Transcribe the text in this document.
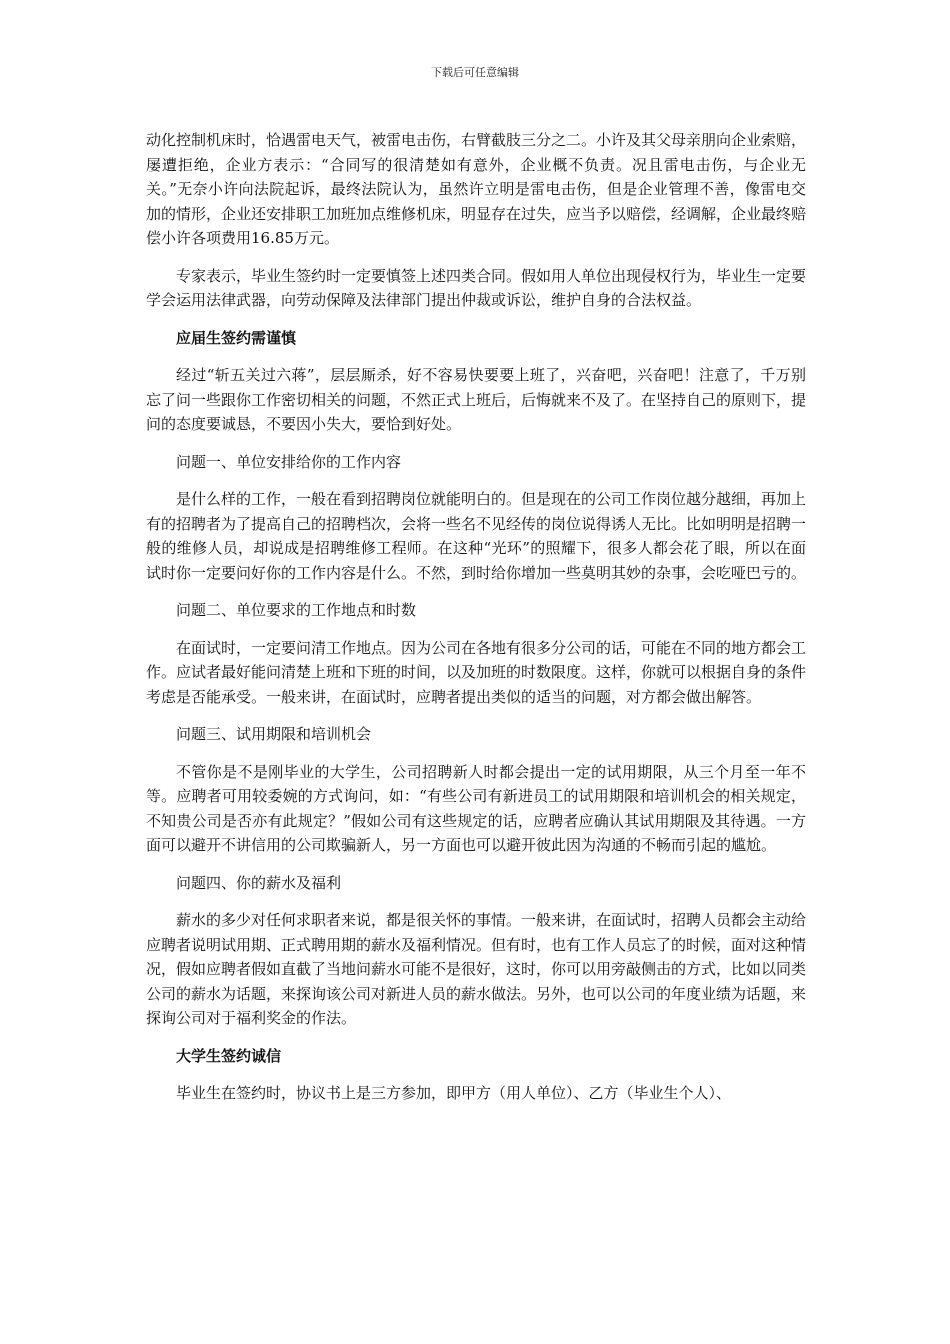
下载后可任意编辑

动化控制机床时，恰遇雷电天气，被雷电击伤，右臂截肢三分之二。小许及其父母亲朋向企业索赔，屡遭拒绝，企业方表示：“合同写的很清楚如有意外，企业概不负责。况且雷电击伤，与企业无关。”无奈小许向法院起诉，最终法院认为，虽然许立明是雷电击伤，但是企业管理不善，像雷电交加的情形，企业还安排职工加班加点维修机床，明显存在过失，应当予以赔偿，经调解，企业最终赔偿小许各项费用16.85万元。

专家表示，毕业生签约时一定要慎签上述四类合同。假如用人单位出现侵权行为，毕业生一定要学会运用法律武器，向劳动保障及法律部门提出仲裁或诉讼，维护自身的合法权益。

应届生签约需谨慎

经过“斩五关过六蒋”，层层厮杀，好不容易快要要上班了，兴奋吧，兴奋吧！注意了，千万别忘了问一些跟你工作密切相关的问题，不然正式上班后，后悔就来不及了。在坚持自己的原则下，提问的态度要诚恳，不要因小失大，要恰到好处。

问题一、单位安排给你的工作内容

是什么样的工作，一般在看到招聘岗位就能明白的。但是现在的公司工作岗位越分越细，再加上有的招聘者为了提高自己的招聘档次，会将一些名不见经传的岗位说得诱人无比。比如明明是招聘一般的维修人员，却说成是招聘维修工程师。在这种“光环”的照耀下，很多人都会花了眼，所以在面试时你一定要问好你的工作内容是什么。不然，到时给你增加一些莫明其妙的杂事，会吃哑巴亏的。

问题二、单位要求的工作地点和时数

在面试时，一定要问清工作地点。因为公司在各地有很多分公司的话，可能在不同的地方都会工作。应试者最好能问清楚上班和下班的时间，以及加班的时数限度。这样，你就可以根据自身的条件考虑是否能承受。一般来讲，在面试时，应聘者提出类似的适当的问题，对方都会做出解答。

问题三、试用期限和培训机会

不管你是不是刚毕业的大学生，公司招聘新人时都会提出一定的试用期限，从三个月至一年不等。应聘者可用较委婉的方式询问，如：“有些公司有新进员工的试用期限和培训机会的相关规定，不知贵公司是否亦有此规定？”假如公司有这些规定的话，应聘者应确认其试用期限及其待遇。一方面可以避开不讲信用的公司欺骗新人，另一方面也可以避开彼此因为沟通的不畅而引起的尴尬。

问题四、你的薪水及福利

薪水的多少对任何求职者来说，都是很关怀的事情。一般来讲，在面试时，招聘人员都会主动给应聘者说明试用期、正式聘用期的薪水及福利情况。但有时，也有工作人员忘了的时候，面对这种情况，假如应聘者假如直截了当地问薪水可能不是很好，这时，你可以用旁敲侧击的方式，比如以同类公司的薪水为话题，来探询该公司对新进人员的薪水做法。另外，也可以公司的年度业绩为话题，来探询公司对于福利奖金的作法。

大学生签约诚信

毕业生在签约时，协议书上是三方参加，即甲方（用人单位）、乙方（毕业生个人）、
